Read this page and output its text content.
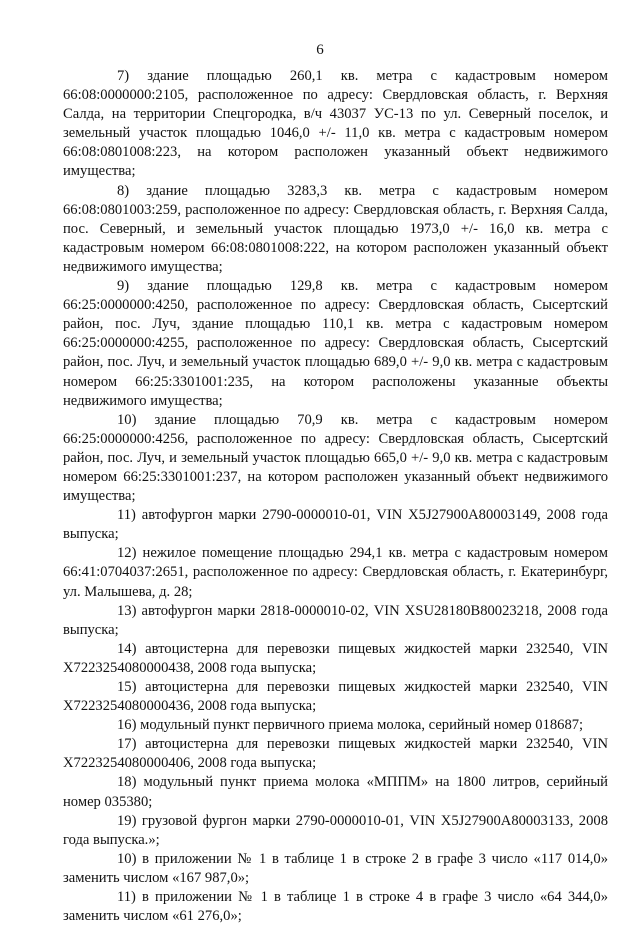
6

7) здание площадью 260,1 кв. метра с кадастровым номером 66:08:0000000:2105, расположенное по адресу: Свердловская область, г. Верхняя Салда, на территории Спецгородка, в/ч 43037 УС-13 по ул. Северный поселок, и земельный участок площадью 1046,0 +/- 11,0 кв. метра с кадастровым номером 66:08:0801008:223, на котором расположен указанный объект недвижимого имущества;

8) здание площадью 3283,3 кв. метра с кадастровым номером 66:08:0801003:259, расположенное по адресу: Свердловская область, г. Верхняя Салда, пос. Северный, и земельный участок площадью 1973,0 +/- 16,0 кв. метра с кадастровым номером 66:08:0801008:222, на котором расположен указанный объект недвижимого имущества;

9) здание площадью 129,8 кв. метра с кадастровым номером 66:25:0000000:4250, расположенное по адресу: Свердловская область, Сысертский район, пос. Луч, здание площадью 110,1 кв. метра с кадастровым номером 66:25:0000000:4255, расположенное по адресу: Свердловская область, Сысертский район, пос. Луч, и земельный участок площадью 689,0 +/- 9,0 кв. метра с кадастровым номером 66:25:3301001:235, на котором расположены указанные объекты недвижимого имущества;

10) здание площадью 70,9 кв. метра с кадастровым номером 66:25:0000000:4256, расположенное по адресу: Свердловская область, Сысертский район, пос. Луч, и земельный участок площадью 665,0 +/- 9,0 кв. метра с кадастровым номером 66:25:3301001:237, на котором расположен указанный объект недвижимого имущества;

11) автофургон марки 2790-0000010-01, VIN X5J27900A80003149, 2008 года выпуска;

12) нежилое помещение площадью 294,1 кв. метра с кадастровым номером 66:41:0704037:2651, расположенное по адресу: Свердловская область, г. Екатеринбург, ул. Малышева, д. 28;

13) автофургон марки 2818-0000010-02, VIN XSU28180B80023218, 2008 года выпуска;

14) автоцистерна для перевозки пищевых жидкостей марки 232540, VIN X7223254080000438, 2008 года выпуска;

15) автоцистерна для перевозки пищевых жидкостей марки 232540, VIN X7223254080000436, 2008 года выпуска;

16) модульный пункт первичного приема молока, серийный номер 018687;

17) автоцистерна для перевозки пищевых жидкостей марки 232540, VIN X7223254080000406, 2008 года выпуска;

18) модульный пункт приема молока «МППМ» на 1800 литров, серийный номер 035380;

19) грузовой фургон марки 2790-0000010-01, VIN X5J27900A80003133, 2008 года выпуска.»;

10) в приложении № 1 в таблице 1 в строке 2 в графе 3 число «117 014,0» заменить числом «167 987,0»;

11) в приложении № 1 в таблице 1 в строке 4 в графе 3 число «64 344,0» заменить числом «61 276,0»;
